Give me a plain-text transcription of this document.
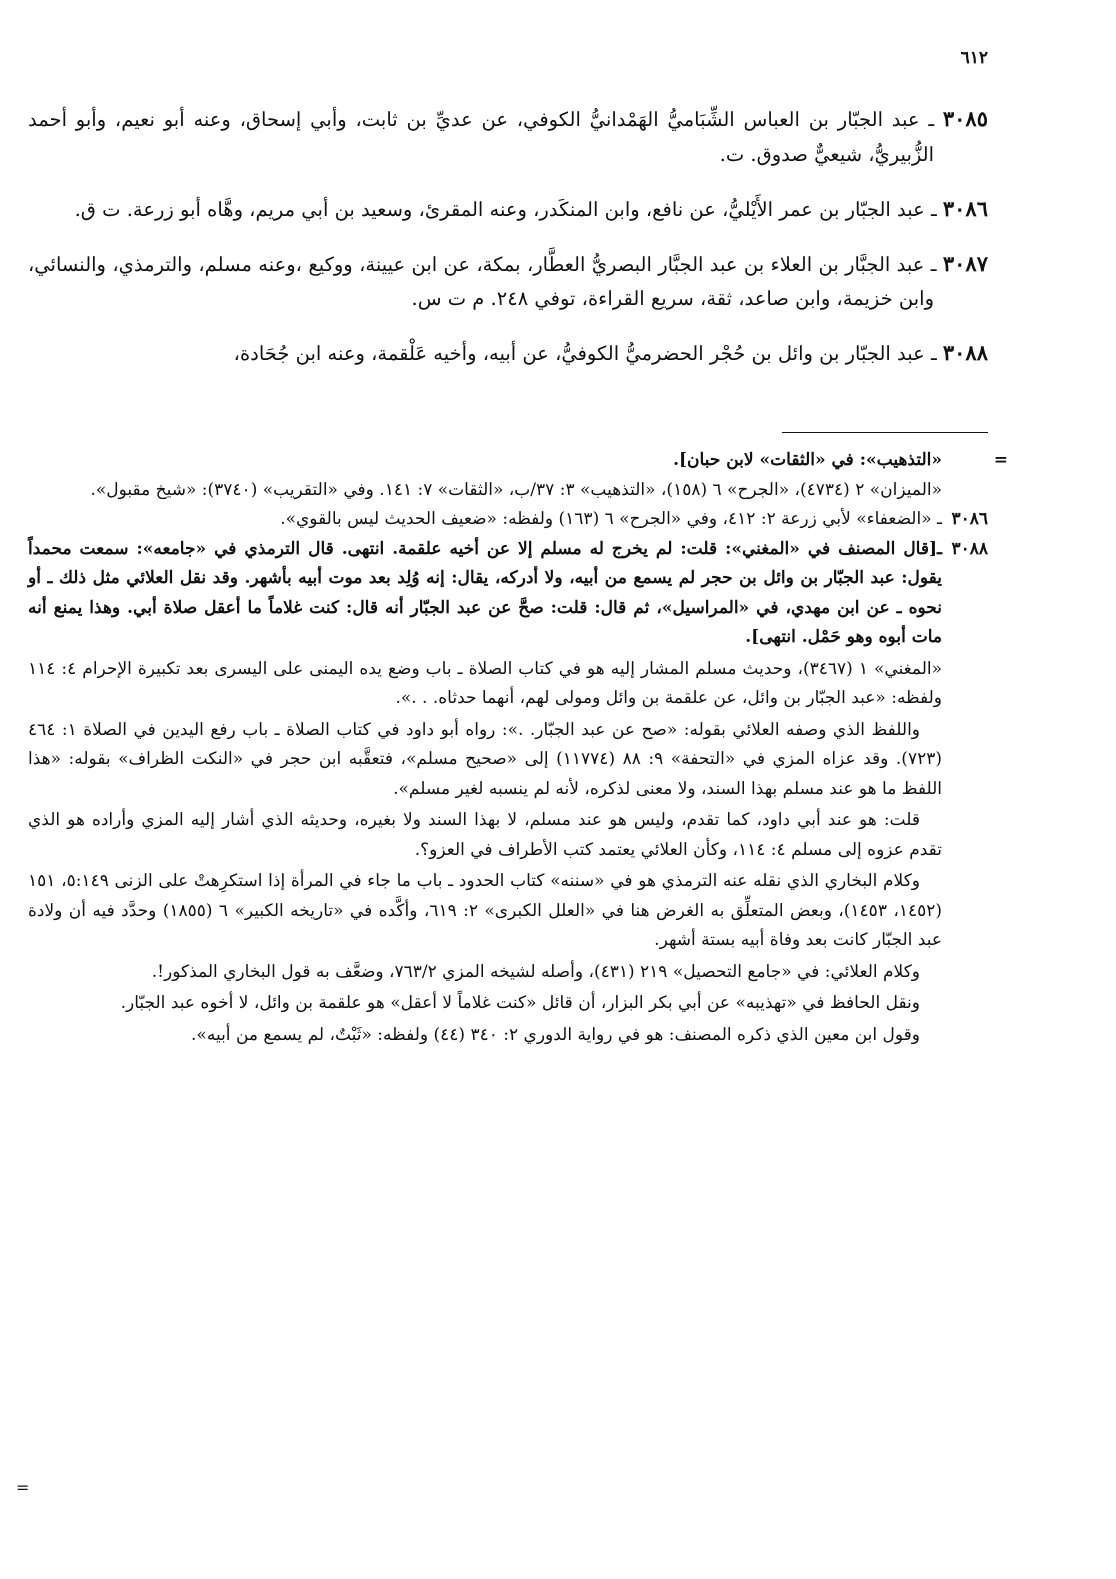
٦١٢

٣٠٨٥ ـ عبد الجبّار بن العباس الشِّبَاميُّ الهَمْدانيُّ الكوفي، عن عديِّ بن ثابت، وأبي إسحاق، وعنه أبو نعيم، وأبو أحمد الزُّبيريُّ، شيعيٌّ صدوق. ت.

٣٠٨٦ ـ عبد الجبّار بن عمر الأَيْليُّ، عن نافع، وابن المنكَدر، وعنه المقرئ، وسعيد بن أبي مريم، وهَّاه أبو زرعة. ت ق.

٣٠٨٧ ـ عبد الجبَّار بن العلاء بن عبد الجبَّار البصريُّ العطَّار، بمكة، عن ابن عيينة، ووكيع ،وعنه مسلم، والترمذي، والنسائي، وابن خزيمة، وابن صاعد، ثقة، سريع القراءة، توفي ٢٤٨. م ت س.

٣٠٨٨ ـ عبد الجبّار بن وائل بن حُجْر الحضرميُّ الكوفيُّ، عن أبيه، وأخيه عَلْقمة، وعنه ابن جُحَادة،

=
«التذهيب»: في «الثقات» لابن حبان].
«الميزان» ٢ (٤٧٣٤)، «الجرح» ٦ (١٥٨)، «التذهيب» ٣: ٣٧/ب، «الثقات» ٧: ١٤١. وفي «التقريب» (٣٧٤٠): «شيخ مقبول».
٣٠٨٦
ـ «الضعفاء» لأبي زرعة ٢: ٤١٢، وفي «الجرح» ٦ (١٦٣) ولفظه: «ضعيف الحديث ليس بالقوي».
٣٠٨٨
ـ[قال المصنف في «المغني»: قلت: لم يخرج له مسلم إلا عن أخيه علقمة. انتهى. قال الترمذي في «جامعه»: سمعت محمداً يقول: عبد الجبّار بن وائل بن حجر لم يسمع من أبيه، ولا أدركه، يقال: إنه وُلِد بعد موت أبيه بأشهر. وقد نقل العلائي مثل ذلك ـ أو نحوه ـ عن ابن مهدي، في «المراسيل»، ثم قال: قلت: صحَّ عن عبد الجبّار أنه قال: كنت غلاماً ما أعقل صلاة أبي. وهذا يمنع أنه مات أبوه وهو حَمْل. انتهى].
«المغني» ١ (٣٤٦٧)، وحديث مسلم المشار إليه هو في كتاب الصلاة ـ باب وضع يده اليمنى على اليسرى بعد تكبيرة الإحرام ٤: ١١٤ ولفظه: «عبد الجبّار بن وائل، عن علقمة بن وائل ومولى لهم، أنهما حدثاه. . .».
واللفظ الذي وصفه العلائي بقوله: «صح عن عبد الجبّار. .»: رواه أبو داود في كتاب الصلاة ـ باب رفع اليدين في الصلاة ١: ٤٦٤ (٧٢٣). وقد عزاه المزي في «التحفة» ٩: ٨٨ (١١٧٧٤) إلى «صحيح مسلم»، فتعقَّبه ابن حجر في «النكت الظراف» بقوله: «هذا اللفظ ما هو عند مسلم بهذا السند، ولا معنى لذكره، لأنه لم ينسبه لغير مسلم».
قلت: هو عند أبي داود، كما تقدم، وليس هو عند مسلم، لا بهذا السند ولا بغيره، وحديثه الذي أشار إليه المزي وأراده هو الذي تقدم عزوه إلى مسلم ٤: ١١٤، وكأن العلائي يعتمد كتب الأطراف في العزو؟.
وكلام البخاري الذي نقله عنه الترمذي هو في «سننه» كتاب الحدود ـ باب ما جاء في المرأة إذا استكرِهتْ على الزنى ٥:١٤٩، ١٥١ (١٤٥٢، ١٤٥٣)، وبعض المتعلِّق به الغرض هنا في «العلل الكبرى» ٢: ٦١٩، وأكَّده في «تاريخه الكبير» ٦ (١٨٥٥) وحدَّد فيه أن ولادة عبد الجبّار كانت بعد وفاة أبيه بستة أشهر.
وكلام العلائي: في «جامع التحصيل» ٢١٩ (٤٣١)، وأصله لشيخه المزي ٧٦٣/٢، وضعَّف به قول البخاري المذكور!.
ونقل الحافظ في «تهذيبه» عن أبي بكر البزار، أن قائل «كنت غلاماً لا أعقل» هو علقمة بن وائل، لا أخوه عبد الجبّار.
وقول ابن معين الذي ذكره المصنف: هو في رواية الدوري ٢: ٣٤٠ (٤٤) ولفظه: «ثَبْتٌ، لم يسمع من أبيه».
=
